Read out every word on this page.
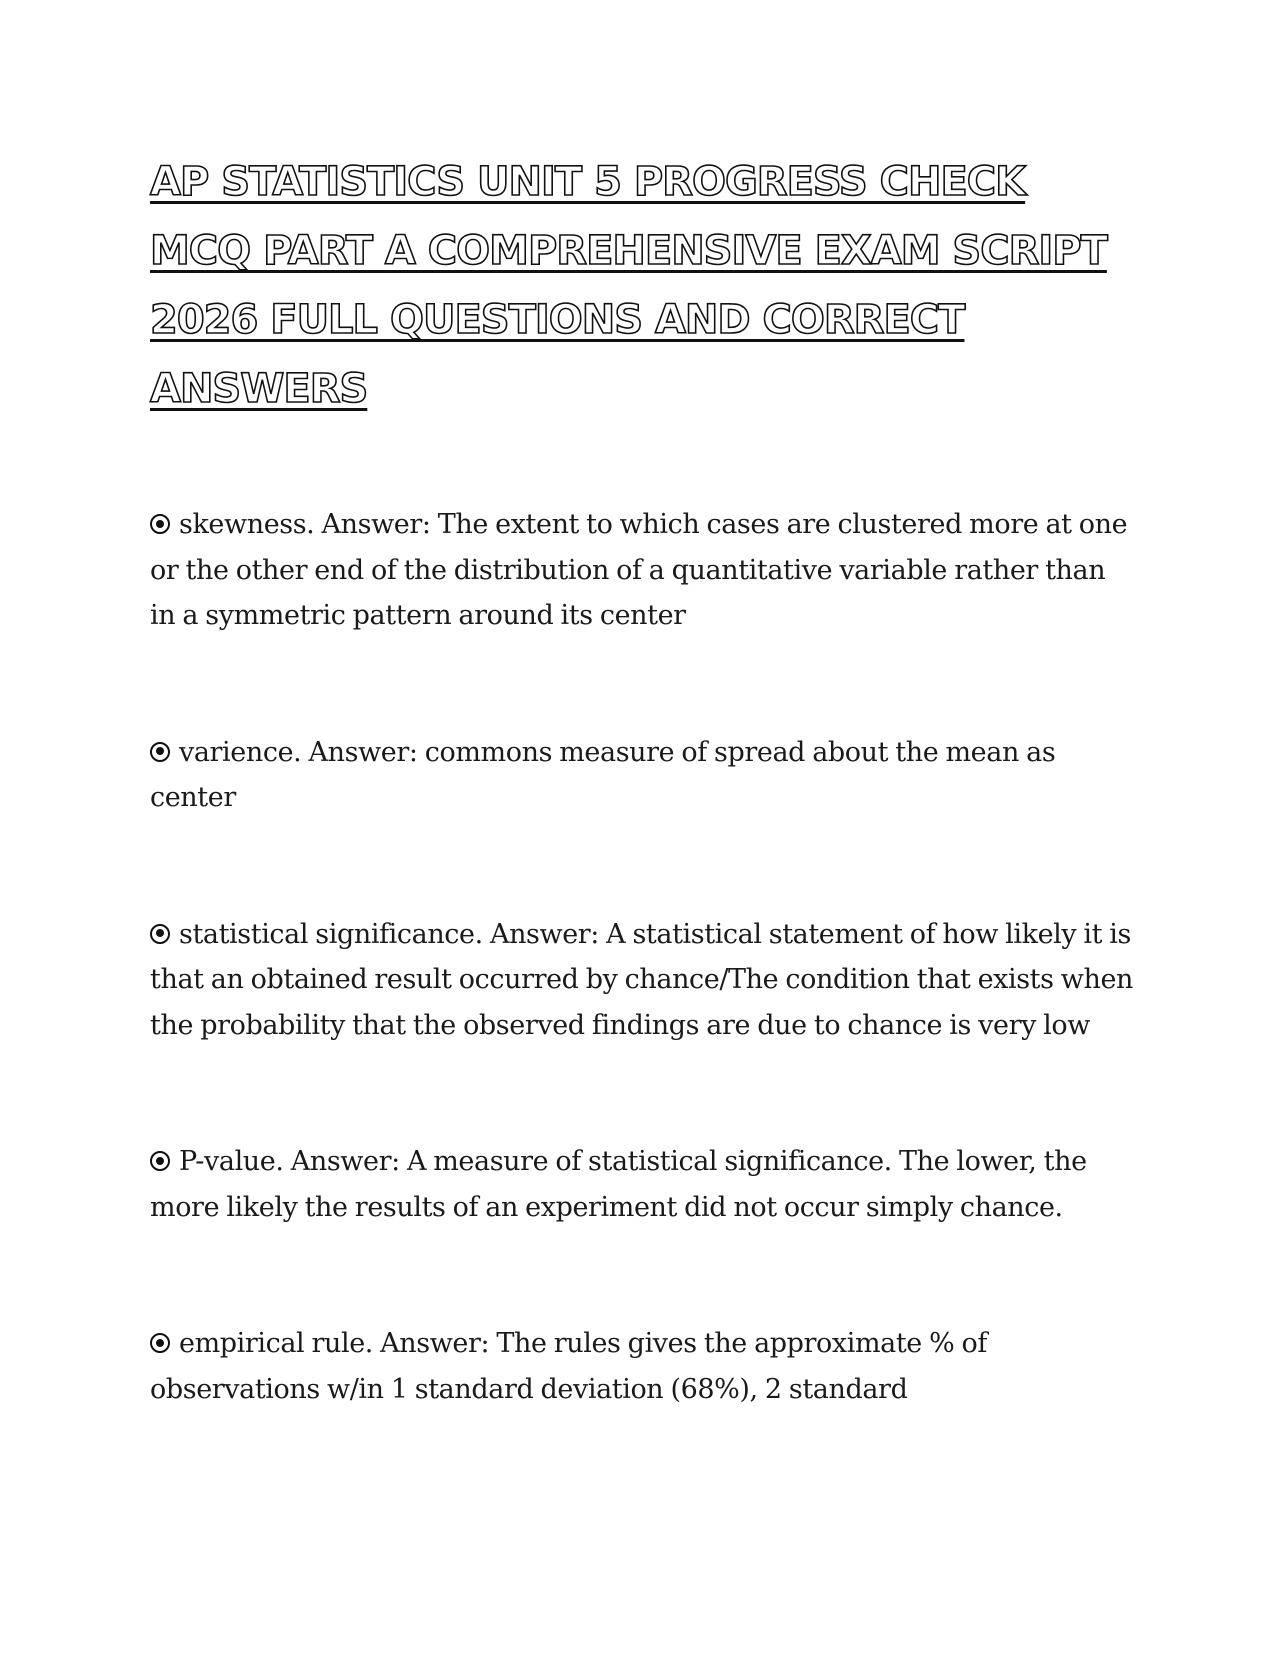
AP STATISTICS UNIT 5 PROGRESS CHECK MCQ PART A COMPREHENSIVE EXAM SCRIPT 2026 FULL QUESTIONS AND CORRECT ANSWERS

skewness. Answer: The extent to which cases are clustered more at one or the other end of the distribution of a quantitative variable rather than in a symmetric pattern around its center

varience. Answer: commons measure of spread about the mean as center

statistical significance. Answer: A statistical statement of how likely it is that an obtained result occurred by chance/The condition that exists when the probability that the observed findings are due to chance is very low

P-value. Answer: A measure of statistical significance. The lower, the more likely the results of an experiment did not occur simply chance.

empirical rule. Answer: The rules gives the approximate % of observations w/in 1 standard deviation (68%), 2 standard
